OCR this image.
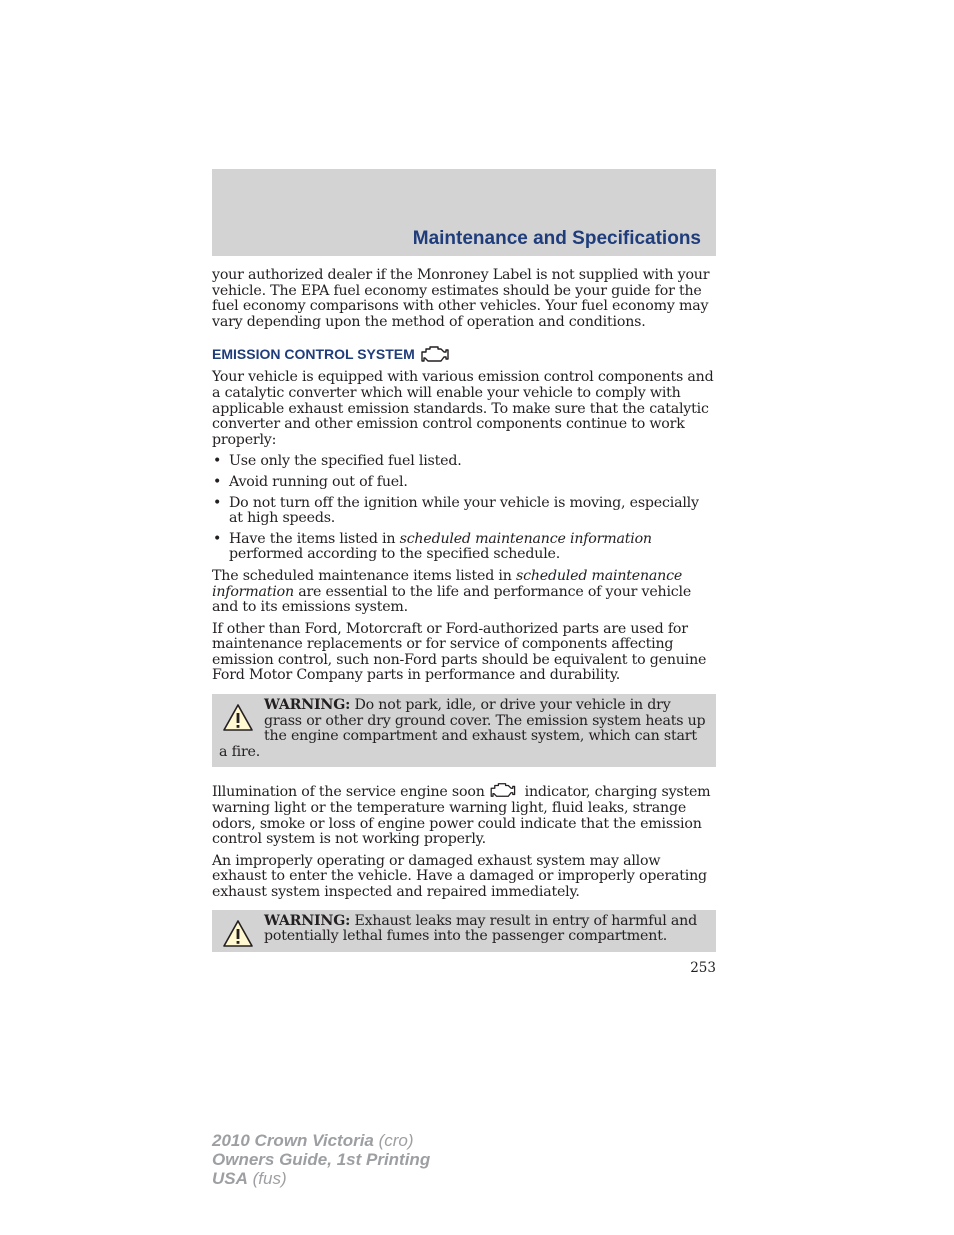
Maintenance and Specifications

your authorized dealer if the Monroney Label is not supplied with your vehicle. The EPA fuel economy estimates should be your guide for the fuel economy comparisons with other vehicles. Your fuel economy may vary depending upon the method of operation and conditions.

EMISSION CONTROL SYSTEM

Your vehicle is equipped with various emission control components and a catalytic converter which will enable your vehicle to comply with applicable exhaust emission standards. To make sure that the catalytic converter and other emission control components continue to work properly:

• Use only the specified fuel listed.
• Avoid running out of fuel.
• Do not turn off the ignition while your vehicle is moving, especially at high speeds.
• Have the items listed in scheduled maintenance information performed according to the specified schedule.

The scheduled maintenance items listed in scheduled maintenance information are essential to the life and performance of your vehicle and to its emissions system.

If other than Ford, Motorcraft or Ford-authorized parts are used for maintenance replacements or for service of components affecting emission control, such non-Ford parts should be equivalent to genuine Ford Motor Company parts in performance and durability.

WARNING: Do not park, idle, or drive your vehicle in dry grass or other dry ground cover. The emission system heats up the engine compartment and exhaust system, which can start a fire.

Illumination of the service engine soon	indicator, charging system warning light or the temperature warning light, fluid leaks, strange odors, smoke or loss of engine power could indicate that the emission control system is not working properly.

An improperly operating or damaged exhaust system may allow exhaust to enter the vehicle. Have a damaged or improperly operating exhaust system inspected and repaired immediately.

WARNING: Exhaust leaks may result in entry of harmful and potentially lethal fumes into the passenger compartment.
253
2010 Crown Victoria (cro)
Owners Guide, 1st Printing
USA (fus)
